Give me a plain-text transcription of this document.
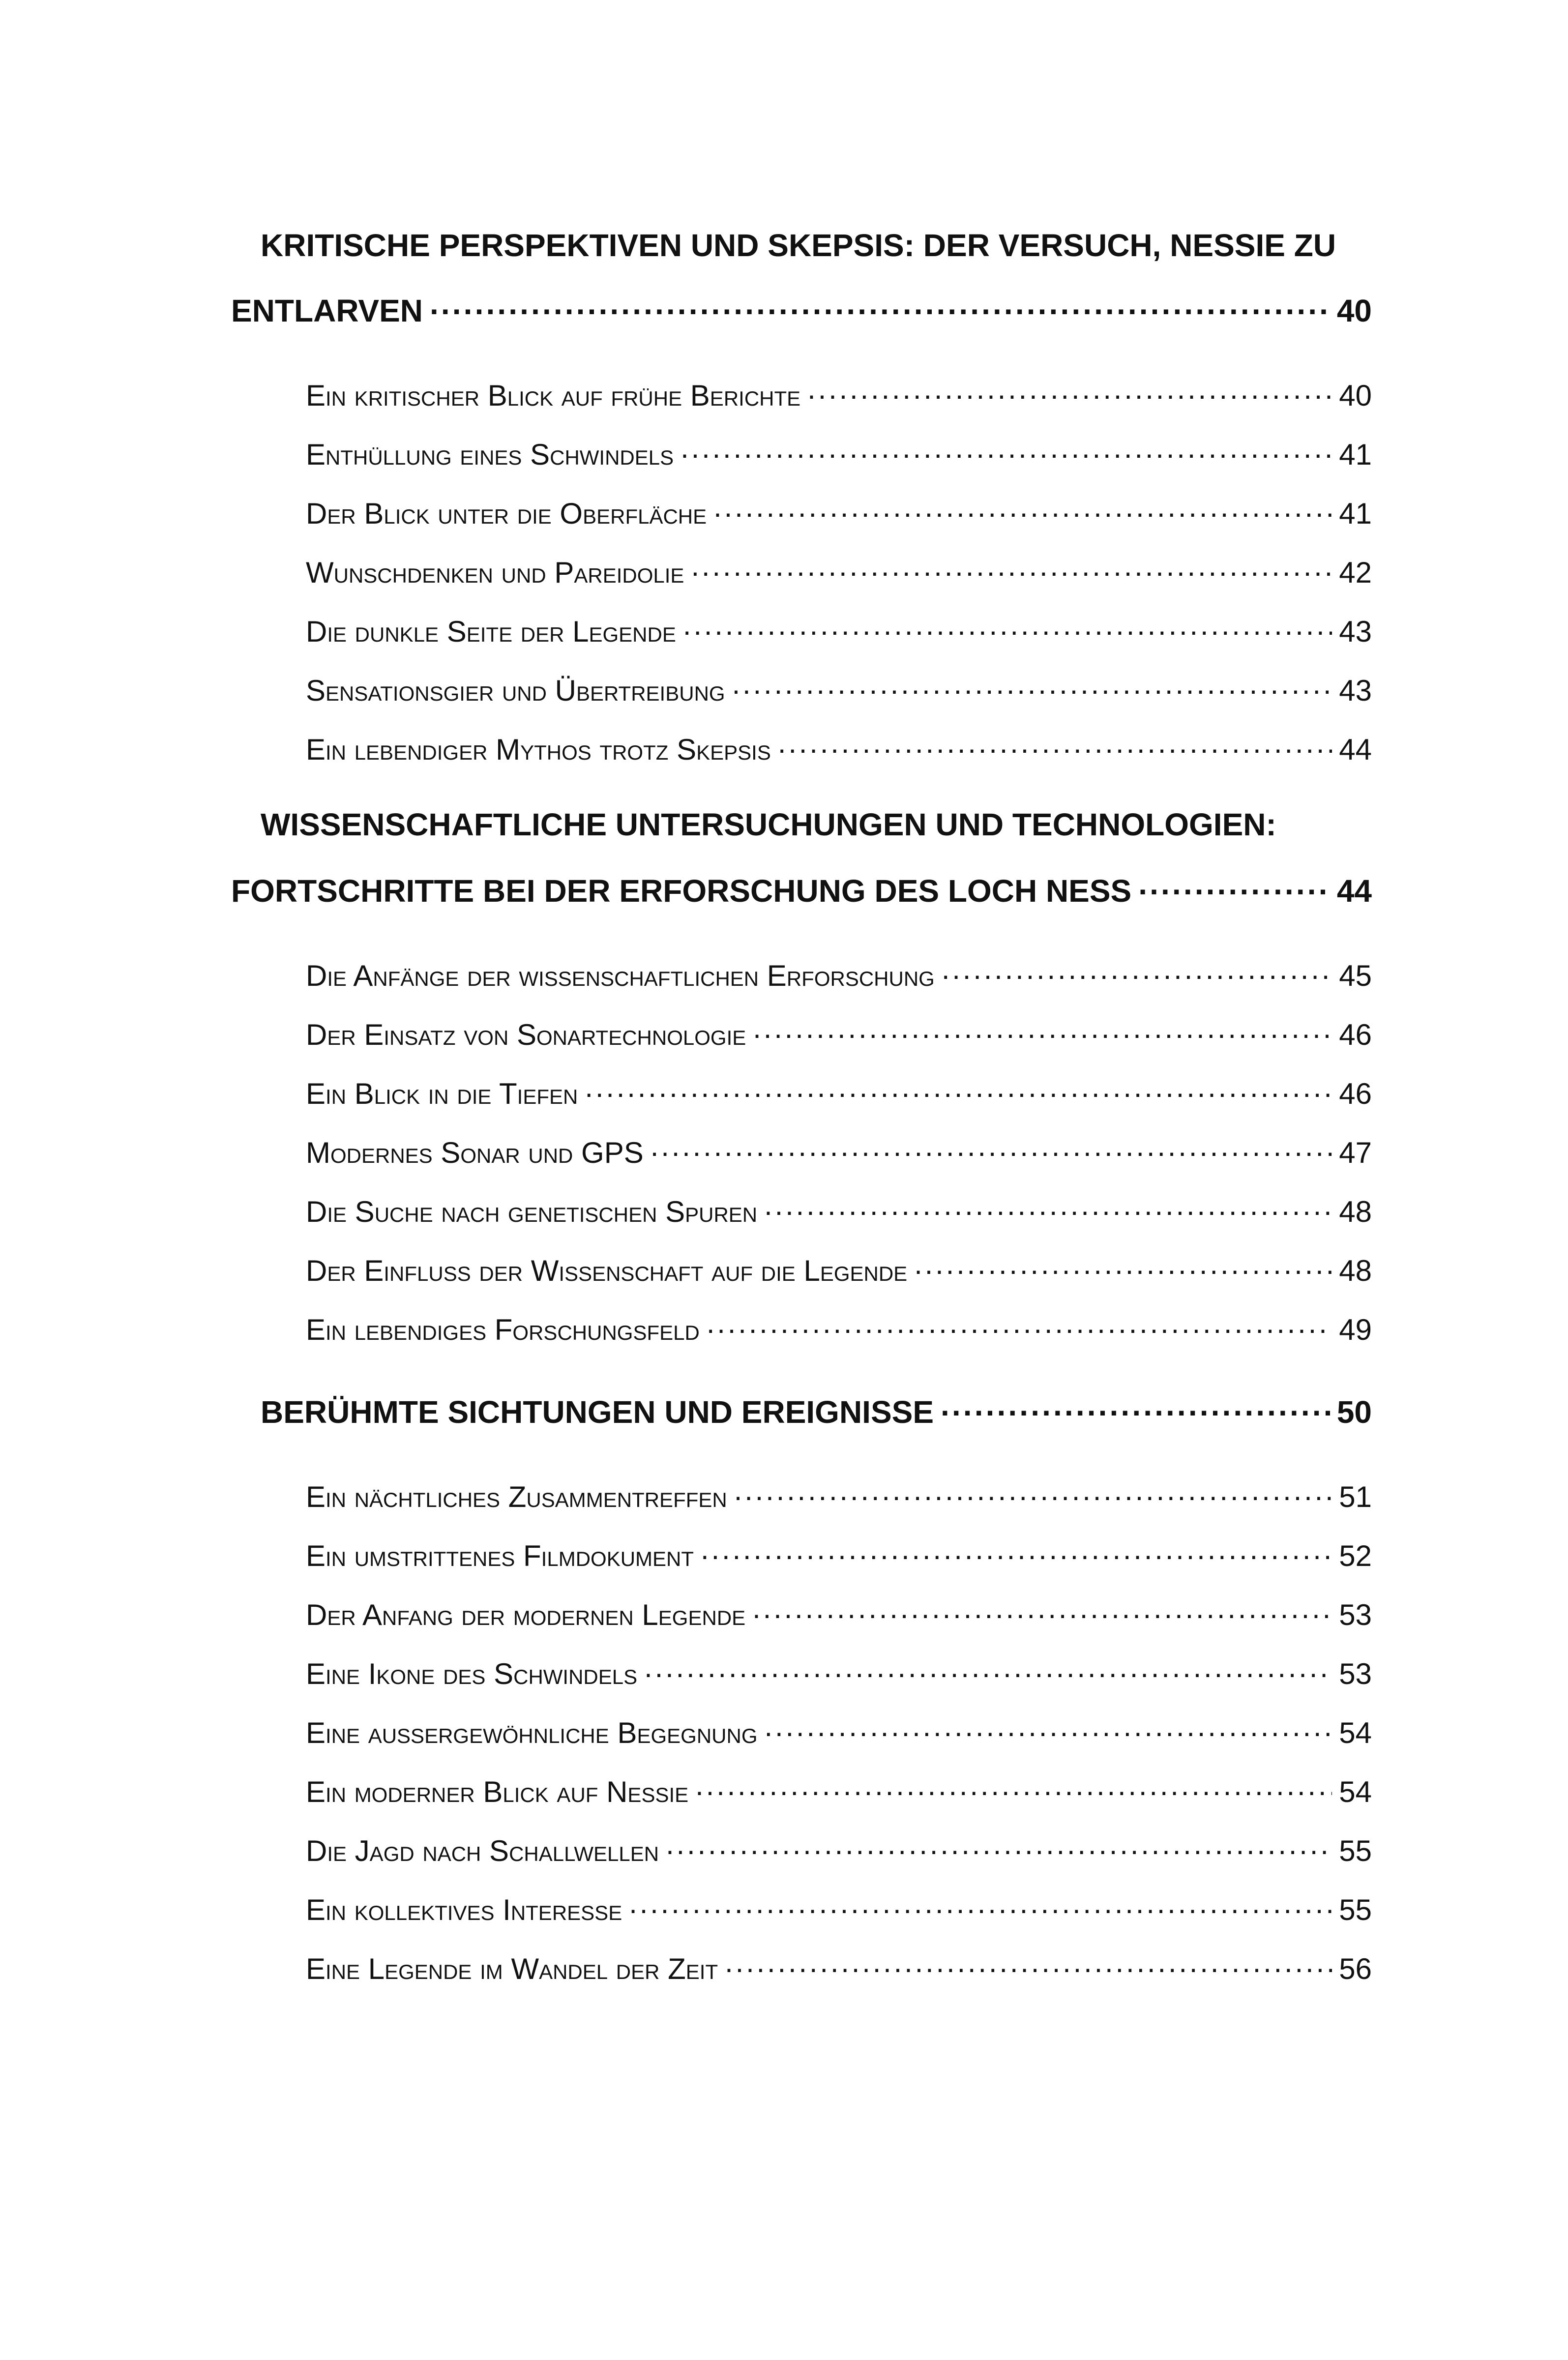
KRITISCHE PERSPEKTIVEN UND SKEPSIS: DER VERSUCH, NESSIE ZU
ENTLARVEN .....	40
Ein kritischer Blick auf frühe Berichte .....	40
Enthüllung eines Schwindels .....	41
Der Blick unter die Oberfläche .....	41
Wunschdenken und Pareidolie .....	42
Die dunkle Seite der Legende .....	43
Sensationsgier und Übertreibung .....	43
Ein lebendiger Mythos trotz Skepsis .....	44
WISSENSCHAFTLICHE UNTERSUCHUNGEN UND TECHNOLOGIEN:
FORTSCHRITTE BEI DER ERFORSCHUNG DES LOCH NESS .....	44
Die Anfänge der wissenschaftlichen Erforschung .....	45
Der Einsatz von Sonartechnologie .....	46
Ein Blick in die Tiefen .....	46
Modernes Sonar und GPS .....	47
Die Suche nach genetischen Spuren .....	48
Der Einfluss der Wissenschaft auf die Legende .....	48
Ein lebendiges Forschungsfeld .....	49
BERÜHMTE SICHTUNGEN UND EREIGNISSE .....	50
Ein nächtliches Zusammentreffen .....	51
Ein umstrittenes Filmdokument .....	52
Der Anfang der modernen Legende .....	53
Eine Ikone des Schwindels .....	53
Eine außergewöhnliche Begegnung .....	54
Ein moderner Blick auf Nessie .....	54
Die Jagd nach Schallwellen .....	55
Ein kollektives Interesse .....	55
Eine Legende im Wandel der Zeit .....	56
